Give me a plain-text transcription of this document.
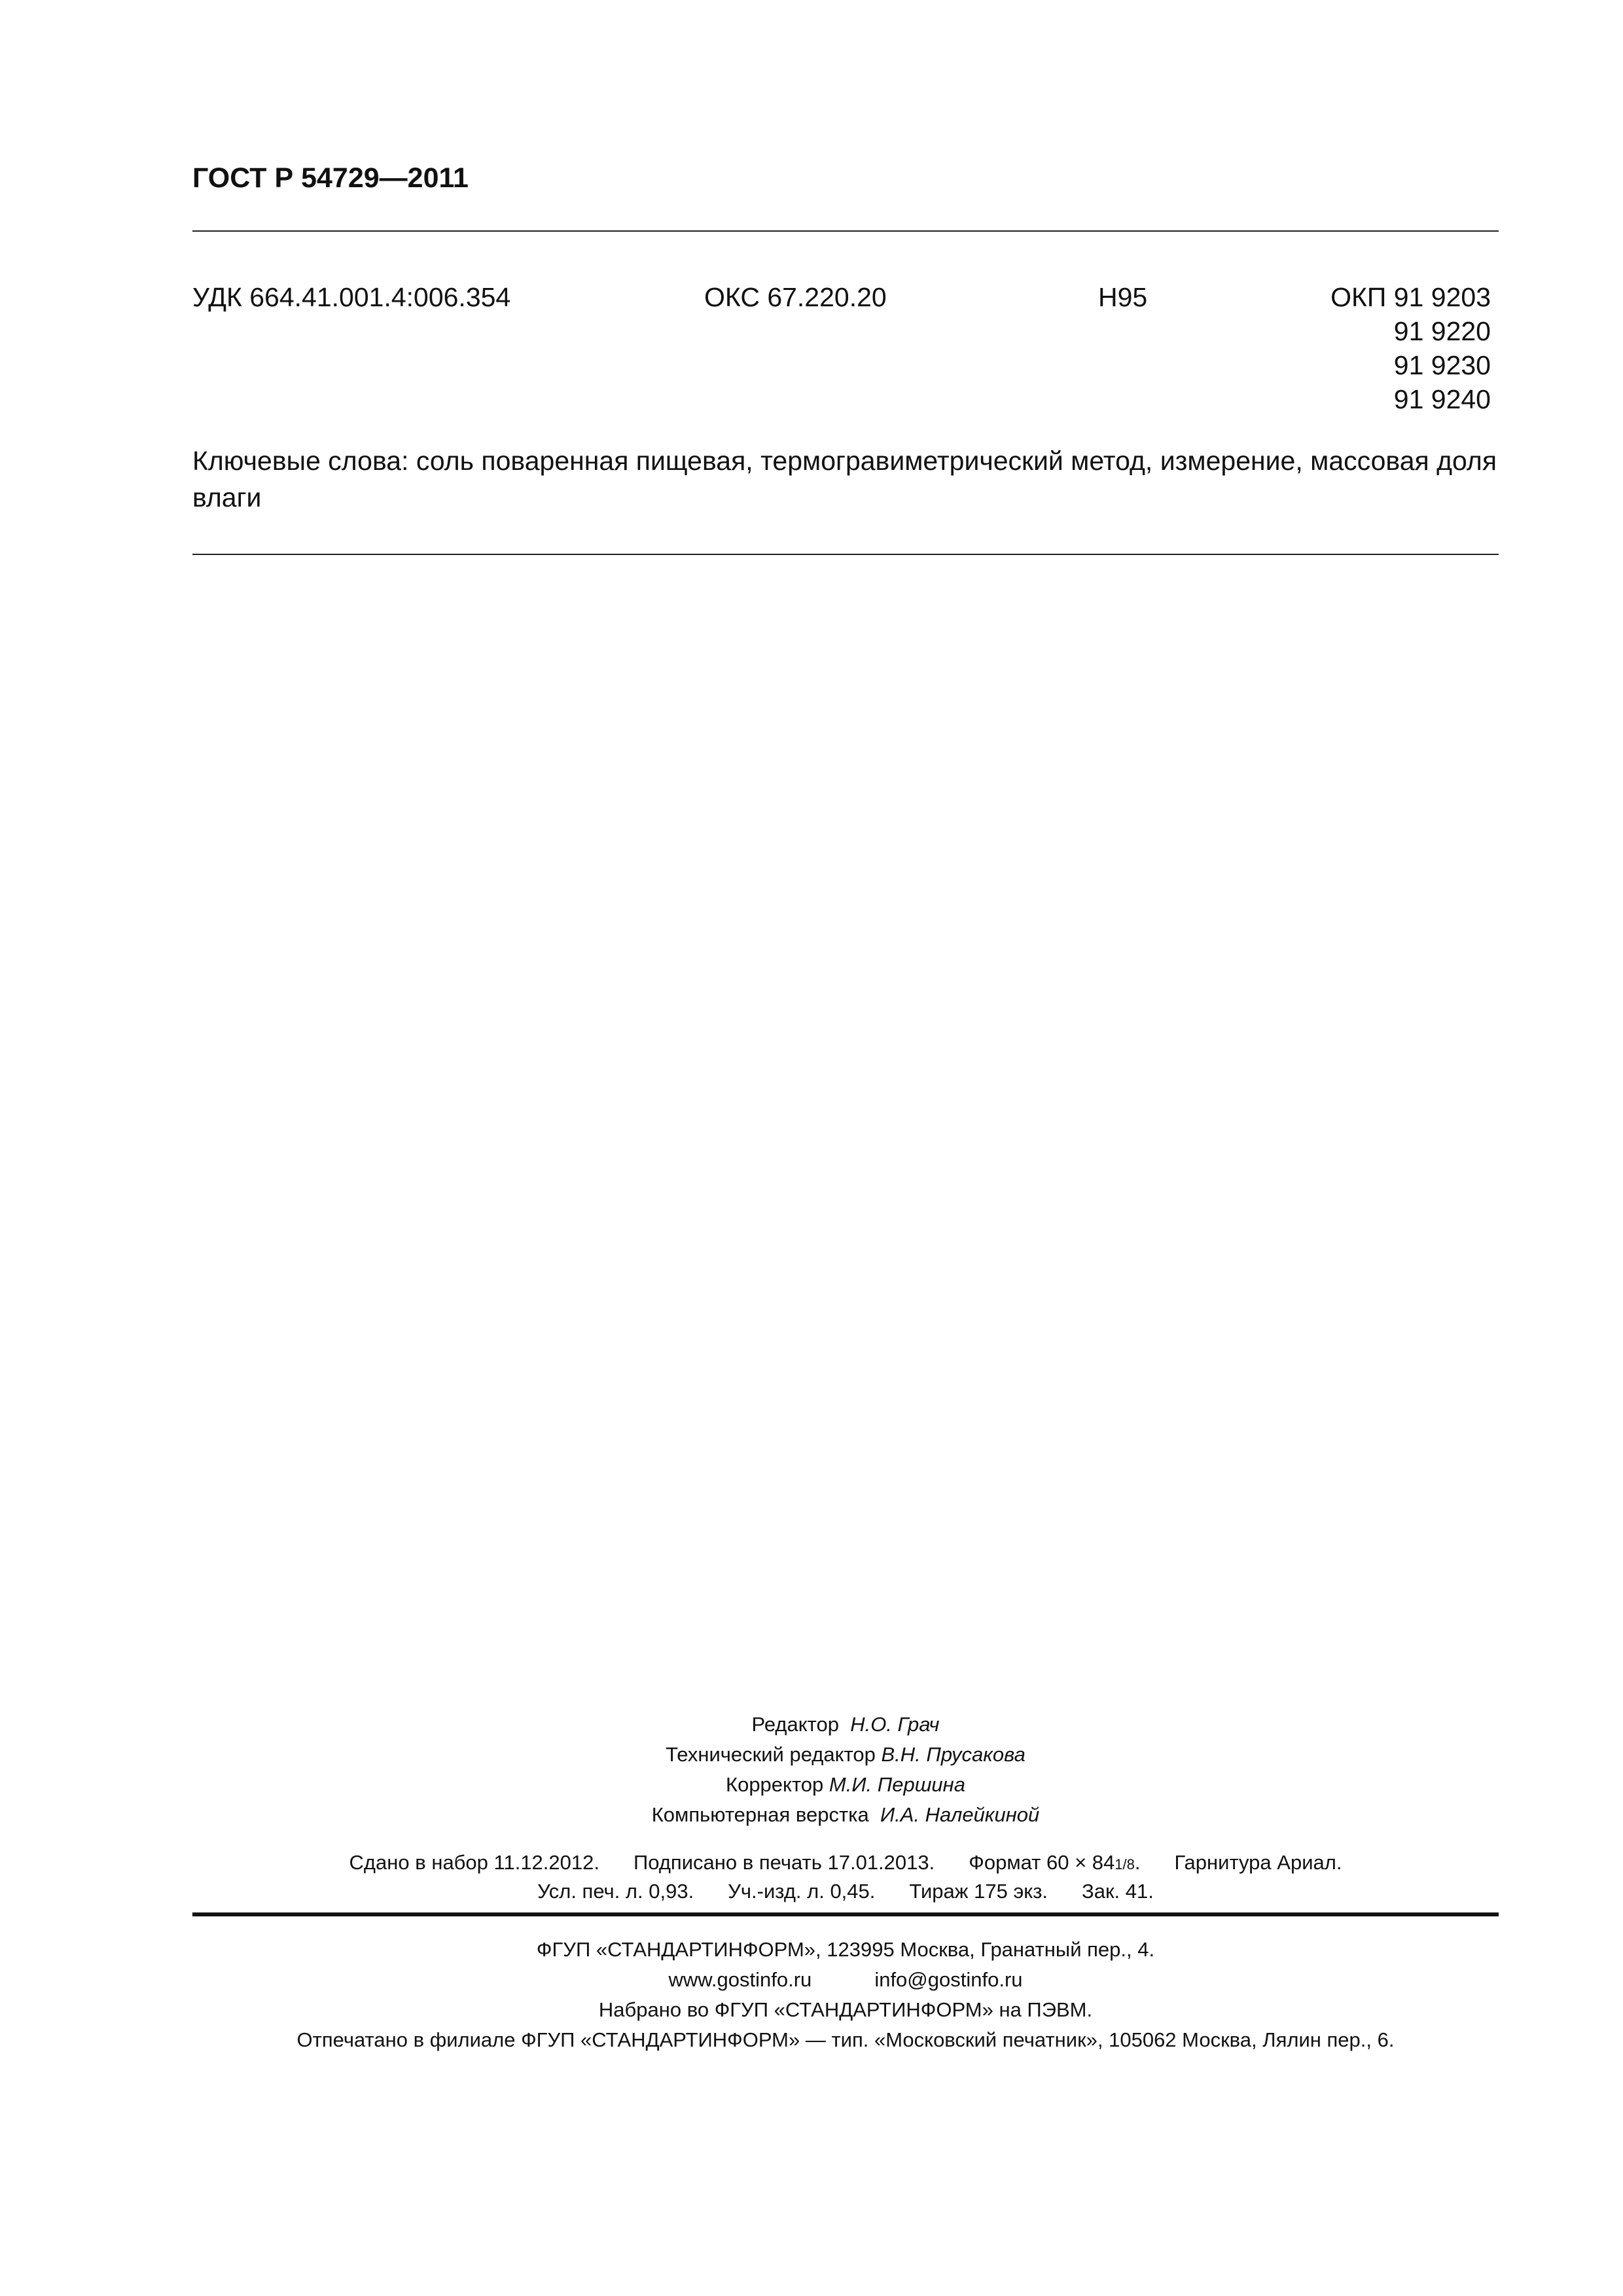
ГОСТ Р 54729—2011
УДК 664.41.001.4:006.354	ОКС 67.220.20	Н95	ОКП 91 9203
91 9220
91 9230
91 9240
Ключевые слова: соль поваренная пищевая, термогравиметрический метод, измерение, массовая доля влаги
Редактор Н.О. Грач
Технический редактор В.Н. Прусакова
Корректор М.И. Першина
Компьютерная верстка И.А. Налейкиной
Сдано в набор 11.12.2012. Подписано в печать 17.01.2013. Формат 60 × 841/8. Гарнитура Ариал.
Усл. печ. л. 0,93. Уч.-изд. л. 0,45. Тираж 175 экз. Зак. 41.
ФГУП «СТАНДАРТИНФОРМ», 123995 Москва, Гранатный пер., 4.
www.gostinfo.ru	info@gostinfo.ru
Набрано во ФГУП «СТАНДАРТИНФОРМ» на ПЭВМ.
Отпечатано в филиале ФГУП «СТАНДАРТИНФОРМ» — тип. «Московский печатник», 105062 Москва, Лялин пер., 6.
